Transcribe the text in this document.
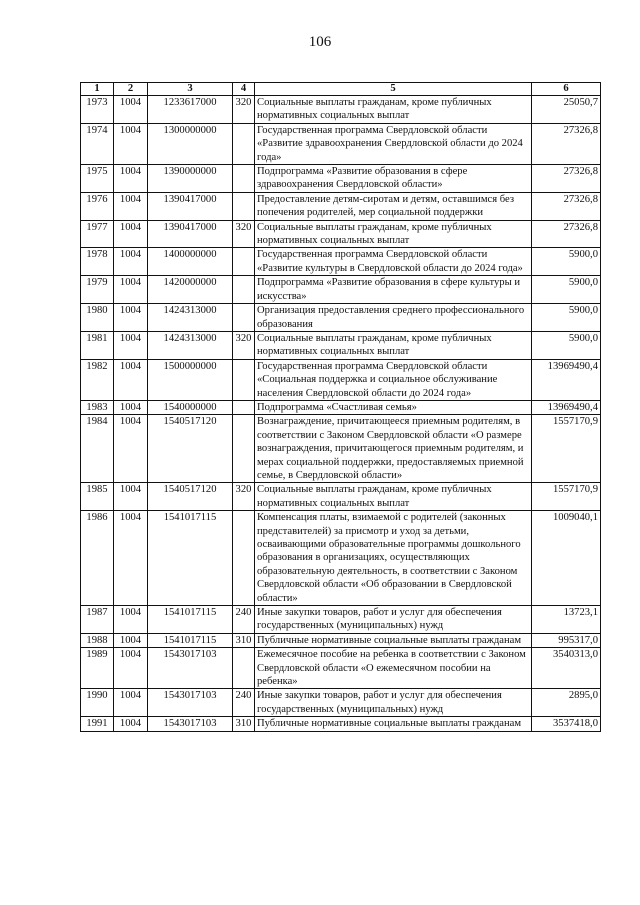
106
1	2	3	4	5	6
1973	1004	1233617000	320	Социальные выплаты гражданам, кроме публичных нормативных социальных выплат	25050,7
1974	1004	1300000000		Государственная программа Свердловской области «Развитие здравоохранения Свердловской области до 2024 года»	27326,8
1975	1004	1390000000		Подпрограмма «Развитие образования в сфере здравоохранения Свердловской области»	27326,8
1976	1004	1390417000		Предоставление детям-сиротам и детям, оставшимся без попечения родителей, мер социальной поддержки	27326,8
1977	1004	1390417000	320	Социальные выплаты гражданам, кроме публичных нормативных социальных выплат	27326,8
1978	1004	1400000000		Государственная программа Свердловской области «Развитие культуры в Свердловской области до 2024 года»	5900,0
1979	1004	1420000000		Подпрограмма «Развитие образования в сфере культуры и искусства»	5900,0
1980	1004	1424313000		Организация предоставления среднего профессионального образования	5900,0
1981	1004	1424313000	320	Социальные выплаты гражданам, кроме публичных нормативных социальных выплат	5900,0
1982	1004	1500000000		Государственная программа Свердловской области «Социальная поддержка и социальное обслуживание населения Свердловской области до 2024 года»	13969490,4
1983	1004	1540000000		Подпрограмма «Счастливая семья»	13969490,4
1984	1004	1540517120		Вознаграждение, причитающееся приемным родителям, в соответствии с Законом Свердловской области «О размере вознаграждения, причитающегося приемным родителям, и мерах социальной поддержки, предоставляемых приемной семье, в Свердловской области»	1557170,9
1985	1004	1540517120	320	Социальные выплаты гражданам, кроме публичных нормативных социальных выплат	1557170,9
1986	1004	1541017115		Компенсация платы, взимаемой с родителей (законных представителей) за присмотр и уход за детьми, осваивающими образовательные программы дошкольного образования в организациях, осуществляющих образовательную деятельность, в соответствии с Законом Свердловской области «Об образовании в Свердловской области»	1009040,1
1987	1004	1541017115	240	Иные закупки товаров, работ и услуг для обеспечения государственных (муниципальных) нужд	13723,1
1988	1004	1541017115	310	Публичные нормативные социальные выплаты гражданам	995317,0
1989	1004	1543017103		Ежемесячное пособие на ребенка в соответствии с Законом Свердловской области «О ежемесячном пособии на ребенка»	3540313,0
1990	1004	1543017103	240	Иные закупки товаров, работ и услуг для обеспечения государственных (муниципальных) нужд	2895,0
1991	1004	1543017103	310	Публичные нормативные социальные выплаты гражданам	3537418,0
